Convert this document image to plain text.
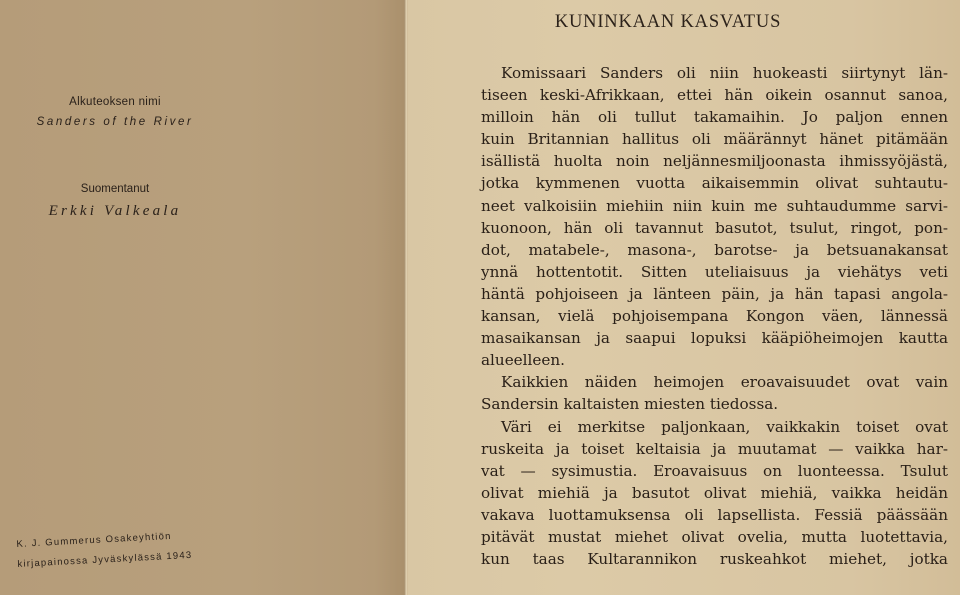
Alkuteoksen nimi
Sanders of the River
Suomentanut
Erkki Valkeala
K. J. Gummerus Osakeyhtiön
kirjapainossa Jyväskylässä 1943
KUNINKAAN KASVATUS
Komissaari Sanders oli niin huokeasti siirtynyt län-
tiseen keski-Afrikkaan, ettei hän oikein osannut sanoa,
milloin hän oli tullut takamaihin. Jo paljon ennen
kuin Britannian hallitus oli määrännyt hänet pitämään
isällistä huolta noin neljännesmiljoonasta ihmissyöjästä,
jotka kymmenen vuotta aikaisemmin olivat suhtautu-
neet valkoisiin miehiin niin kuin me suhtaudumme sarvi-
kuonoon, hän oli tavannut basutot, tsulut, ringot, pon-
dot, matabele-, masona-, barotse- ja betsuanakansat
ynnä hottentotit. Sitten uteliaisuus ja viehätys veti
häntä pohjoiseen ja länteen päin, ja hän tapasi angola-
kansan, vielä pohjoisempana Kongon väen, lännessä
masaikansan ja saapui lopuksi kääpiöheimojen kautta
alueelleen.
Kaikkien näiden heimojen eroavaisuudet ovat vain
Sandersin kaltaisten miesten tiedossa.
Väri ei merkitse paljonkaan, vaikkakin toiset ovat
ruskeita ja toiset keltaisia ja muutamat — vaikka har-
vat — sysimustia. Eroavaisuus on luonteessa. Tsulut
olivat miehiä ja basutot olivat miehiä, vaikka heidän
vakava luottamuksensa oli lapsellista. Fessiä päässään
pitävät mustat miehet olivat ovelia, mutta luotettavia,
kun taas Kultarannikon ruskeahkot miehet, jotka
